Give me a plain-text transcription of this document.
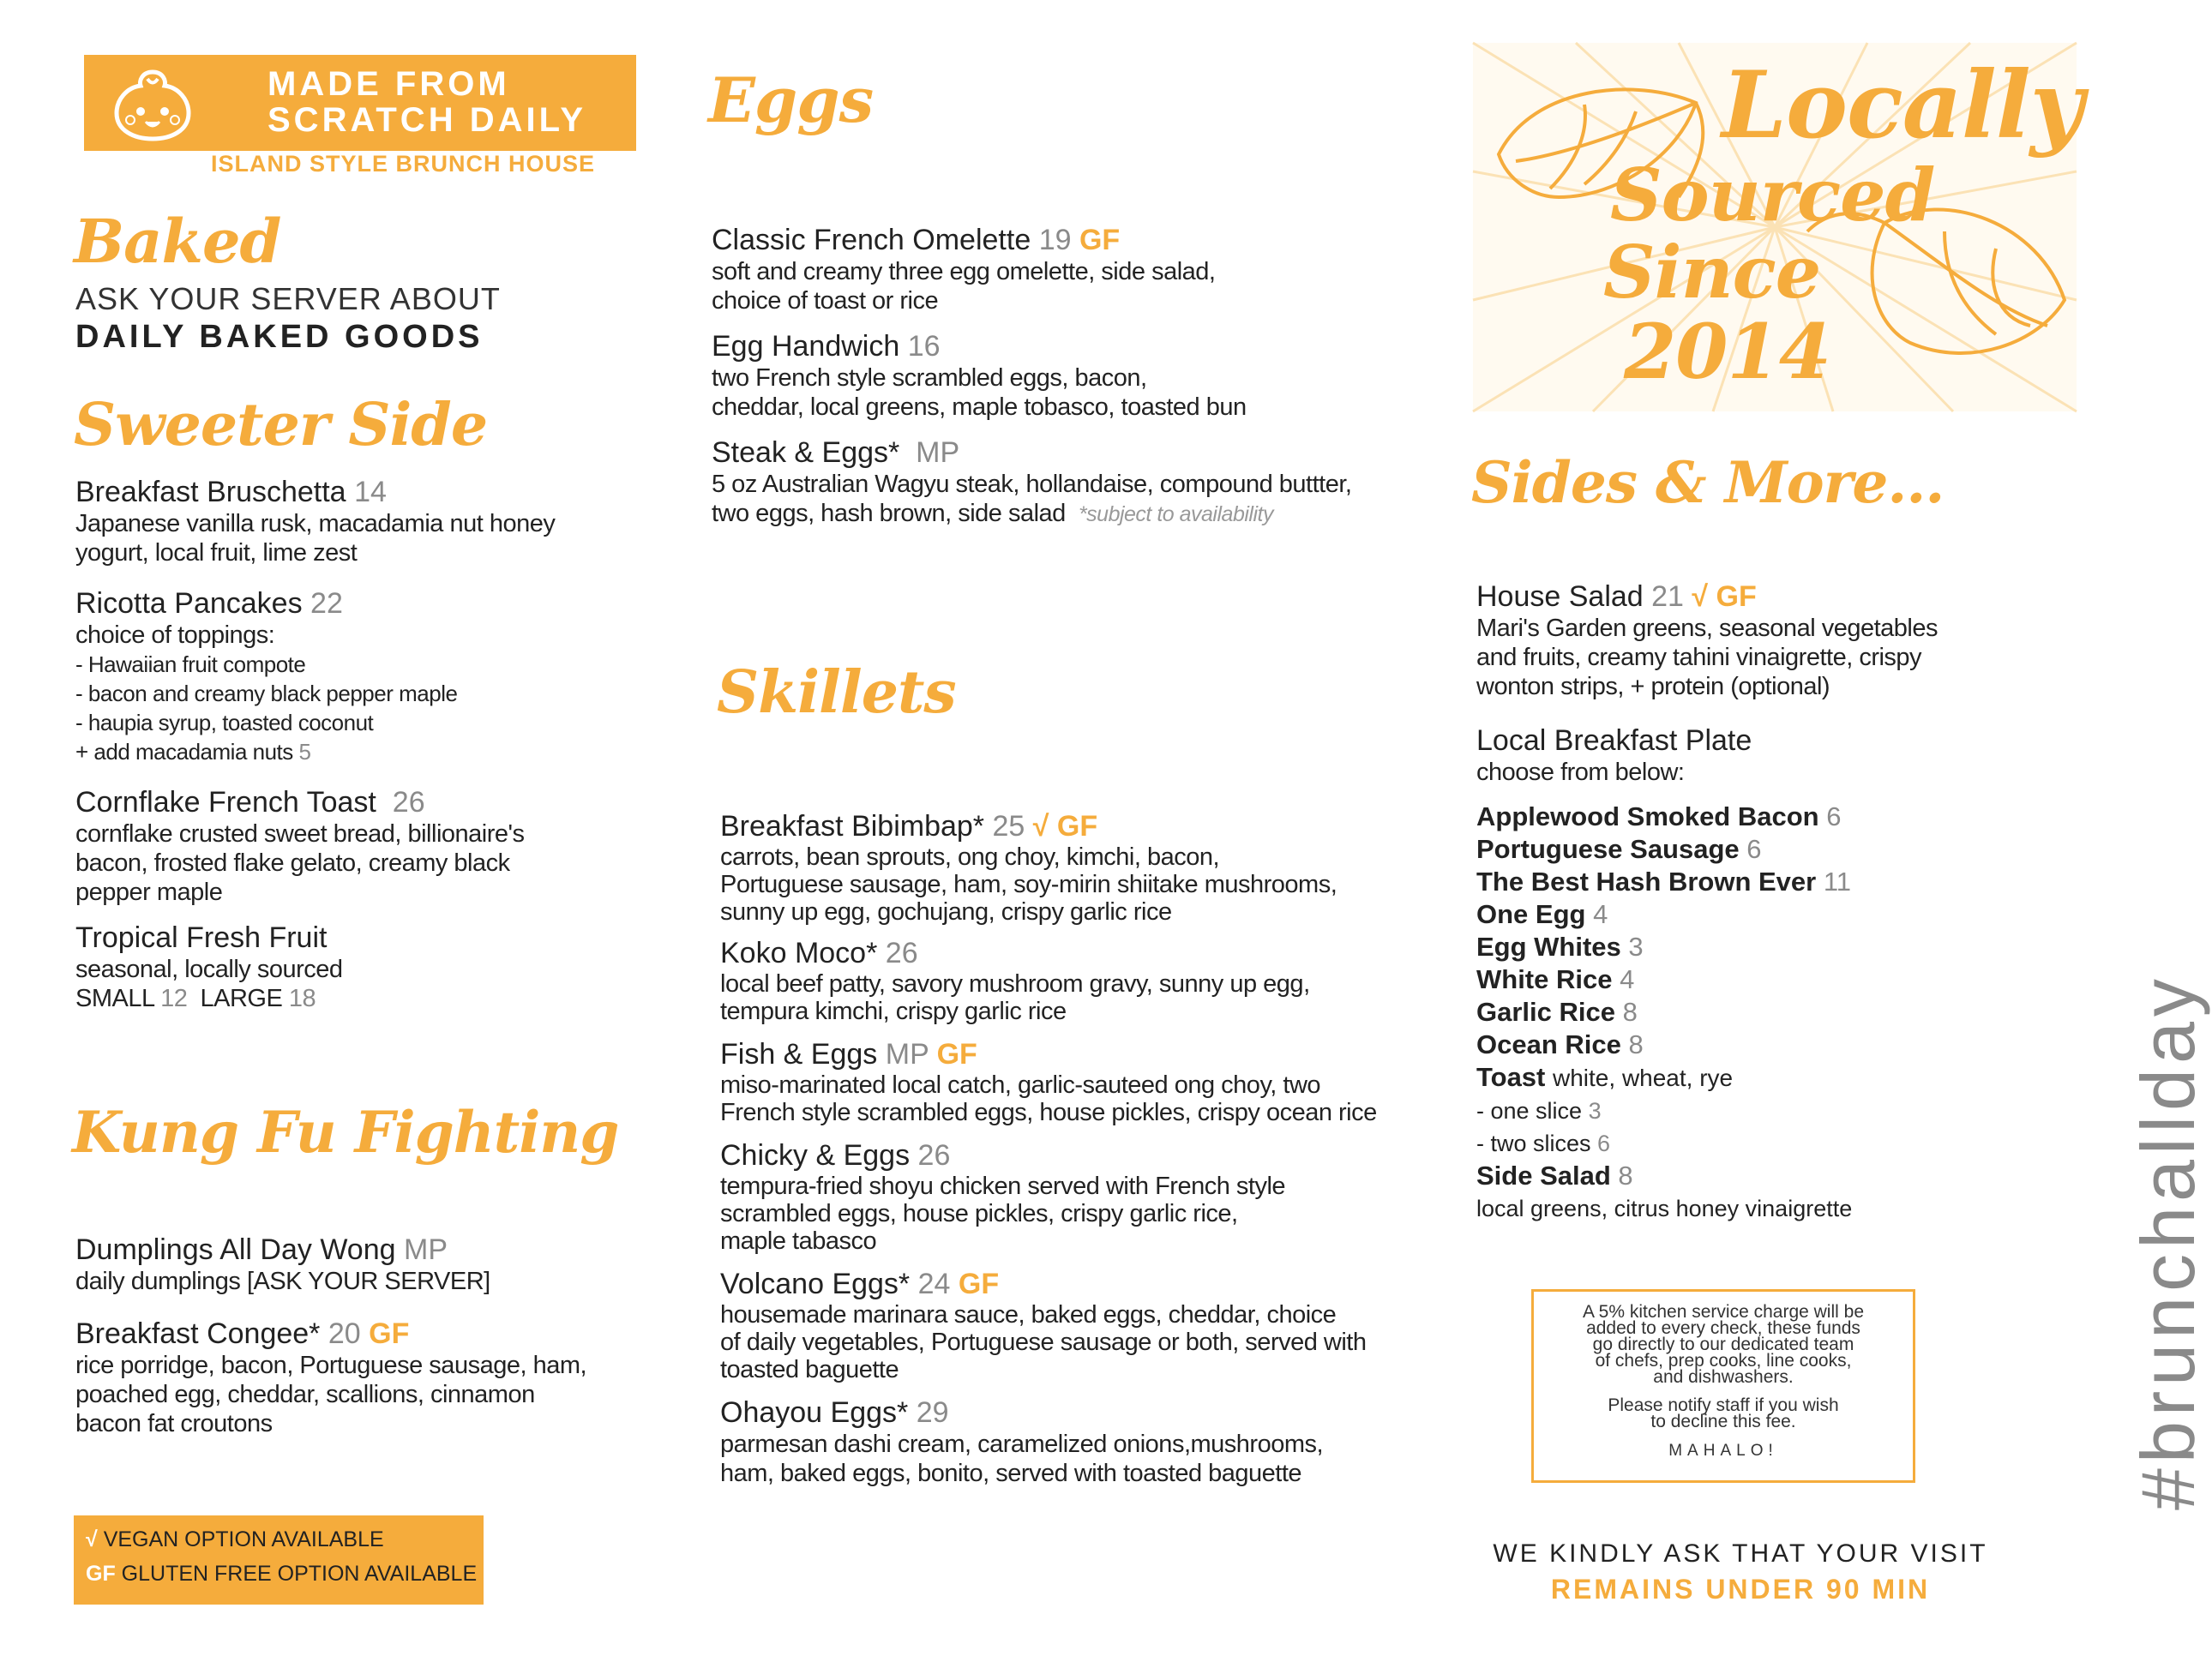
MADE FROM
SCRATCH DAILY
ISLAND STYLE BRUNCH HOUSE
Baked
ASK YOUR SERVER ABOUT
DAILY BAKED GOODS
Sweeter Side
Breakfast Bruschetta 14
Japanese vanilla rusk, macadamia nut honey
yogurt, local fruit, lime zest
Ricotta Pancakes 22
choice of toppings:
- Hawaiian fruit compote
- bacon and creamy black pepper maple
- haupia syrup, toasted coconut
+ add macadamia nuts 5
Cornflake French Toast 26
cornflake crusted sweet bread, billionaire's
bacon, frosted flake gelato, creamy black
pepper maple
Tropical Fresh Fruit
seasonal, locally sourced
SMALL 12 LARGE 18
Kung Fu Fighting
Dumplings All Day Wong MP
daily dumplings [ASK YOUR SERVER]
Breakfast Congee* 20 GF
rice porridge, bacon, Portuguese sausage, ham,
poached egg, cheddar, scallions, cinnamon
bacon fat croutons
√ VEGAN OPTION AVAILABLE
GF GLUTEN FREE OPTION AVAILABLE
Eggs
Classic French Omelette 19 GF
soft and creamy three egg omelette, side salad,
choice of toast or rice
Egg Handwich 16
two French style scrambled eggs, bacon,
cheddar, local greens, maple tobasco, toasted bun
Steak & Eggs* MP
5 oz Australian Wagyu steak, hollandaise, compound buttter,
two eggs, hash brown, side salad *subject to availability
Skillets
Breakfast Bibimbap* 25 √ GF
carrots, bean sprouts, ong choy, kimchi, bacon,
Portuguese sausage, ham, soy-mirin shiitake mushrooms,
sunny up egg, gochujang, crispy garlic rice
Koko Moco* 26
local beef patty, savory mushroom gravy, sunny up egg,
tempura kimchi, crispy garlic rice
Fish & Eggs MP GF
miso-marinated local catch, garlic-sauteed ong choy, two
French style scrambled eggs, house pickles, crispy ocean rice
Chicky & Eggs 26
tempura-fried shoyu chicken served with French style
scrambled eggs, house pickles, crispy garlic rice,
maple tabasco
Volcano Eggs* 24 GF
housemade marinara sauce, baked eggs, cheddar, choice
of daily vegetables, Portuguese sausage or both, served with
toasted baguette
Ohayou Eggs* 29
parmesan dashi cream, caramelized onions,mushrooms,
ham, baked eggs, bonito, served with toasted baguette
Locally
Sourced
Since
2014
Sides & More...
House Salad 21 √ GF
Mari's Garden greens, seasonal vegetables
and fruits, creamy tahini vinaigrette, crispy
wonton strips, + protein (optional)
Local Breakfast Plate
choose from below:
Applewood Smoked Bacon 6
Portuguese Sausage 6
The Best Hash Brown Ever 11
One Egg 4
Egg Whites 3
White Rice 4
Garlic Rice 8
Ocean Rice 8
Toast white, wheat, rye
- one slice 3
- two slices 6
Side Salad 8
local greens, citrus honey vinaigrette
A 5% kitchen service charge will be
added to every check, these funds
go directly to our dedicated team
of chefs, prep cooks, line cooks,
and dishwashers.
Please notify staff if you wish
to decline this fee.
MAHALO!
WE KINDLY ASK THAT YOUR VISIT
REMAINS UNDER 90 MIN
#brunchallday
